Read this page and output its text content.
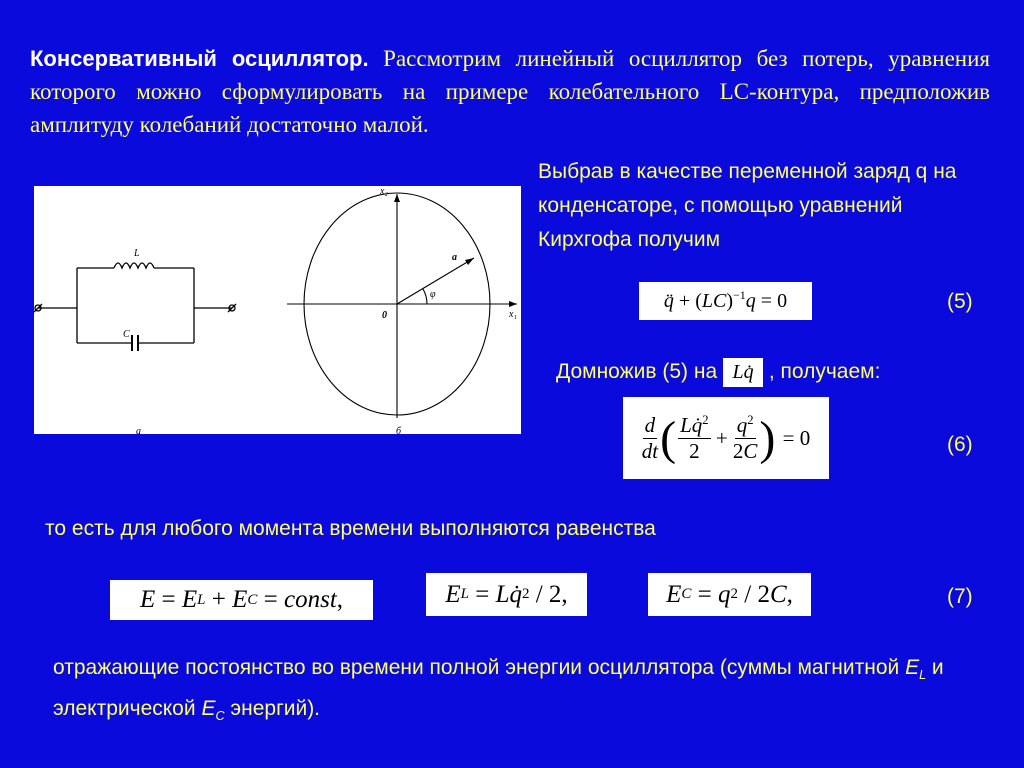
Консервативный осциллятор. Рассмотрим линейный осциллятор без потерь, уравнения которого можно сформулировать на примере колебательного LC-контура, предположив амплитуду колебаний достаточно малой.
L
C
x₁
x₂
0
a
φ
а	б
Выбрав в качестве переменной заряд q на конденсаторе, с помощью уравнений Кирхгофа получим
q̈ + ( LC )$^{-1}$ q = 0	(5)
Домножив (5) на Lq̇ , получаем:
$\frac{d}{dt}$ ( $\frac{Lq̇^2}{2} + \frac{q^2}{2C}$ ) = 0	(6)
то есть для любого момента времени выполняются равенства
E = E L + E C = const ,	E L = Lq̇ 2 / 2,	E C = q 2 / 2 C ,	(7)
отражающие постоянство во времени полной энергии осциллятора (суммы магнитной $E_L$ и  электрической $E_C$ энергий).
